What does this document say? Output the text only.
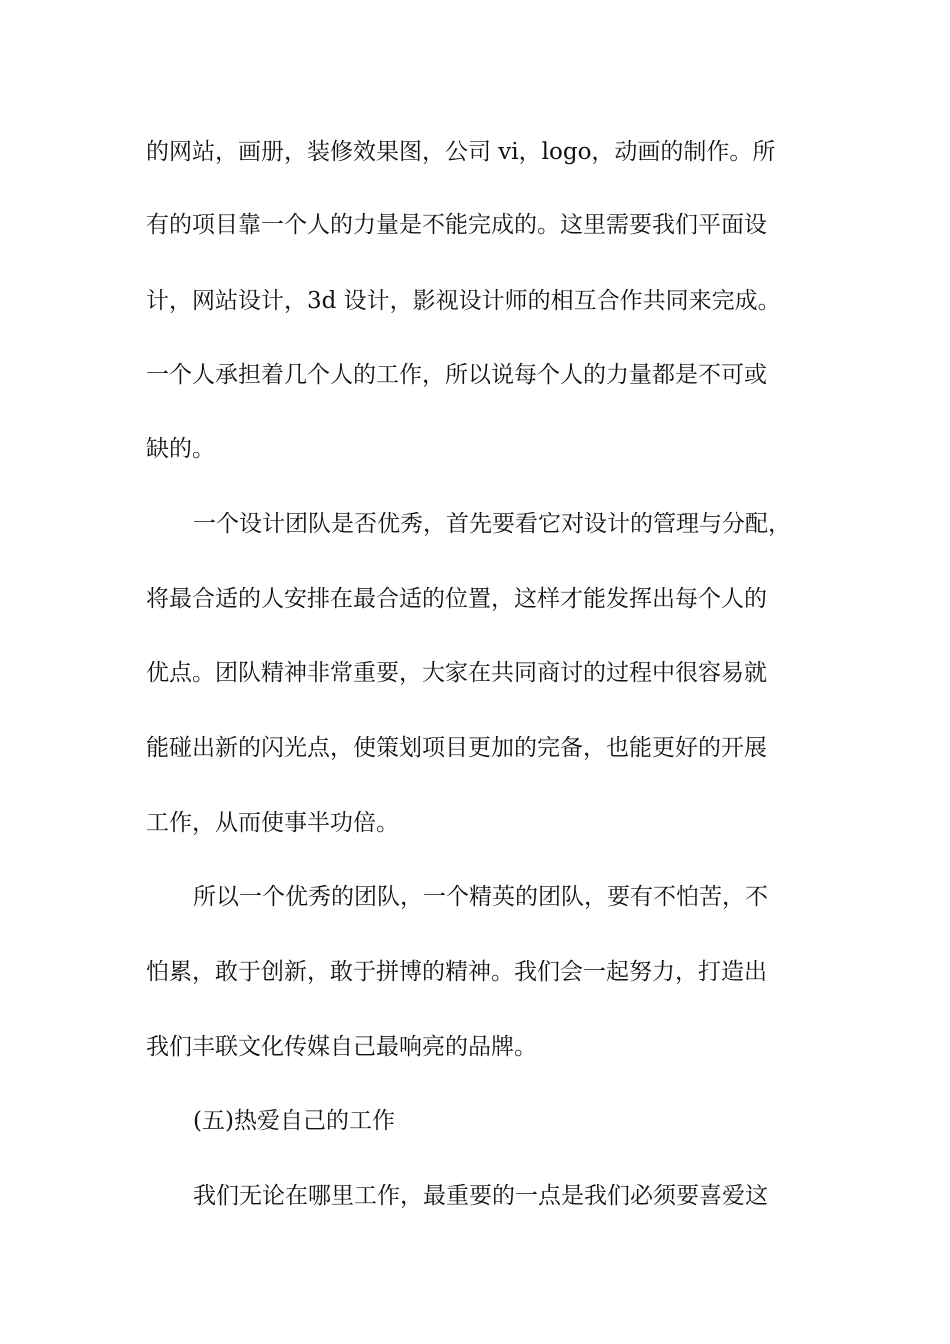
的网站，画册，装修效果图，公司 vi，logo，动画的制作。所
有的项目靠一个人的力量是不能完成的。这里需要我们平面设
计，网站设计，3d 设计，影视设计师的相互合作共同来完成。
一个人承担着几个人的工作，所以说每个人的力量都是不可或
缺的。
一个设计团队是否优秀，首先要看它对设计的管理与分配，
将最合适的人安排在最合适的位置，这样才能发挥出每个人的
优点。团队精神非常重要，大家在共同商讨的过程中很容易就
能碰出新的闪光点，使策划项目更加的完备，也能更好的开展
工作，从而使事半功倍。
所以一个优秀的团队，一个精英的团队，要有不怕苦，不
怕累，敢于创新，敢于拼博的精神。我们会一起努力，打造出
我们丰联文化传媒自己最响亮的品牌。
(五)热爱自己的工作
我们无论在哪里工作，最重要的一点是我们必须要喜爱这
